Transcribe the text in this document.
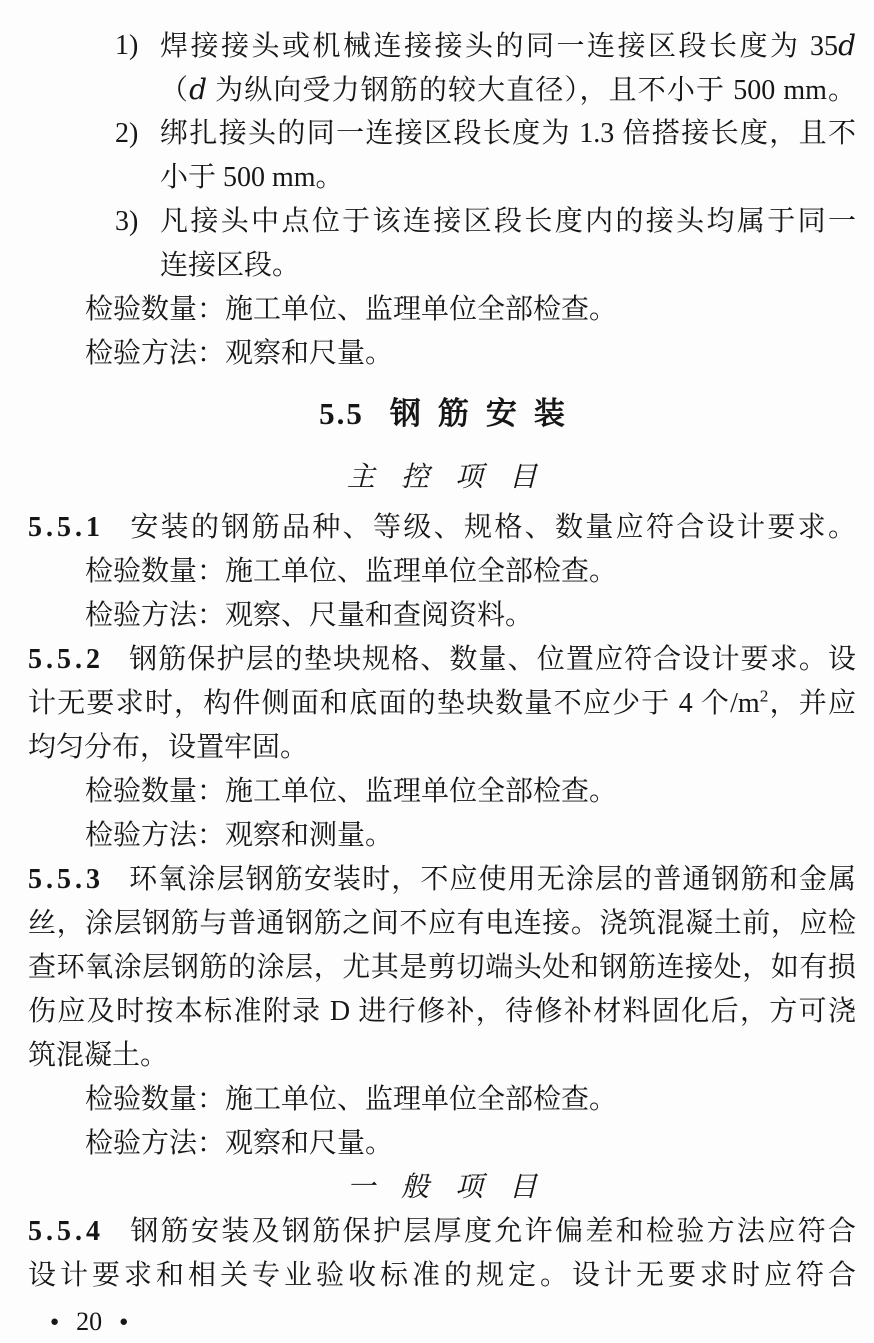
1) 焊接接头或机械连接接头的同一连接区段长度为 35d
（d 为纵向受力钢筋的较大直径），且不小于 500 mm。
2) 绑扎接头的同一连接区段长度为 1.3 倍搭接长度，且不
小于 500 mm。
3) 凡接头中点位于该连接区段长度内的接头均属于同一
连接区段。
检验数量：施工单位、监理单位全部检查。
检验方法：观察和尺量。
5.5 钢筋安装
主控项目
5.5.1 安装的钢筋品种、等级、规格、数量应符合设计要求。
检验数量：施工单位、监理单位全部检查。
检验方法：观察、尺量和查阅资料。
5.5.2 钢筋保护层的垫块规格、数量、位置应符合设计要求。设
计无要求时，构件侧面和底面的垫块数量不应少于 4 个$/m^2$，并应
均匀分布，设置牢固。
检验数量：施工单位、监理单位全部检查。
检验方法：观察和测量。
5.5.3 环氧涂层钢筋安装时，不应使用无涂层的普通钢筋和金属
丝，涂层钢筋与普通钢筋之间不应有电连接。浇筑混凝土前，应检
查环氧涂层钢筋的涂层，尤其是剪切端头处和钢筋连接处，如有损
伤应及时按本标准附录 D 进行修补，待修补材料固化后，方可浇
筑混凝土。
检验数量：施工单位、监理单位全部检查。
检验方法：观察和尺量。
一般项目
5.5.4 钢筋安装及钢筋保护层厚度允许偏差和检验方法应符合
设计要求和相关专业验收标准的规定。设计无要求时应符合
● 20 ●
